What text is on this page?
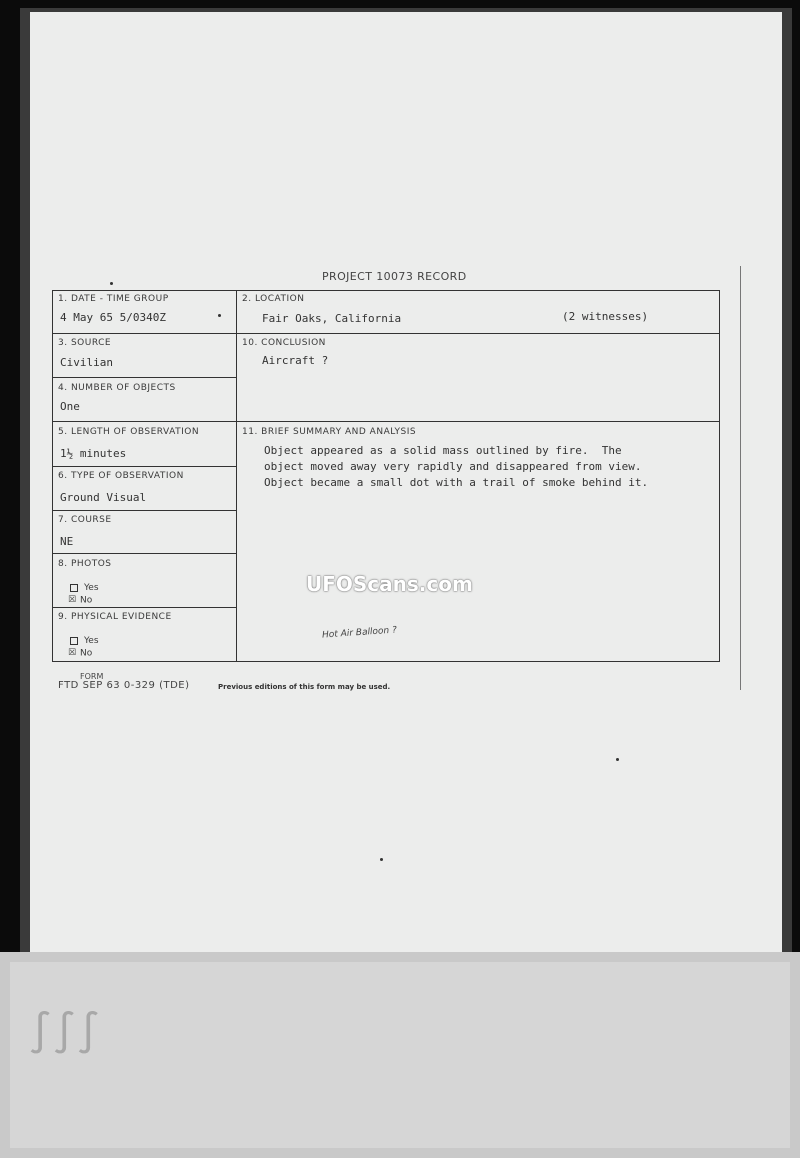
∫∫∫
PROJECT 10073 RECORD
1. DATE - TIME GROUP
4 May 65 5/0340Z
2. LOCATION
Fair Oaks, California	(2 witnesses)
3. SOURCE
Civilian
10. CONCLUSION
Aircraft ?
4. NUMBER OF OBJECTS
One
5. LENGTH OF OBSERVATION
1½ minutes
11. BRIEF SUMMARY AND ANALYSIS
Object appeared as a solid mass outlined by fire.  The
object moved away very rapidly and disappeared from view.
Object became a small dot with a trail of smoke behind it.
6. TYPE OF OBSERVATION
Ground Visual
7. COURSE
NE
8. PHOTOS
Yes
☒ No
9. PHYSICAL EVIDENCE
Yes
☒ No
Hot Air Balloon ?
UFOScans.com
FORM
FTD SEP 63 0-329 (TDE)	Previous editions of this form may be used.
